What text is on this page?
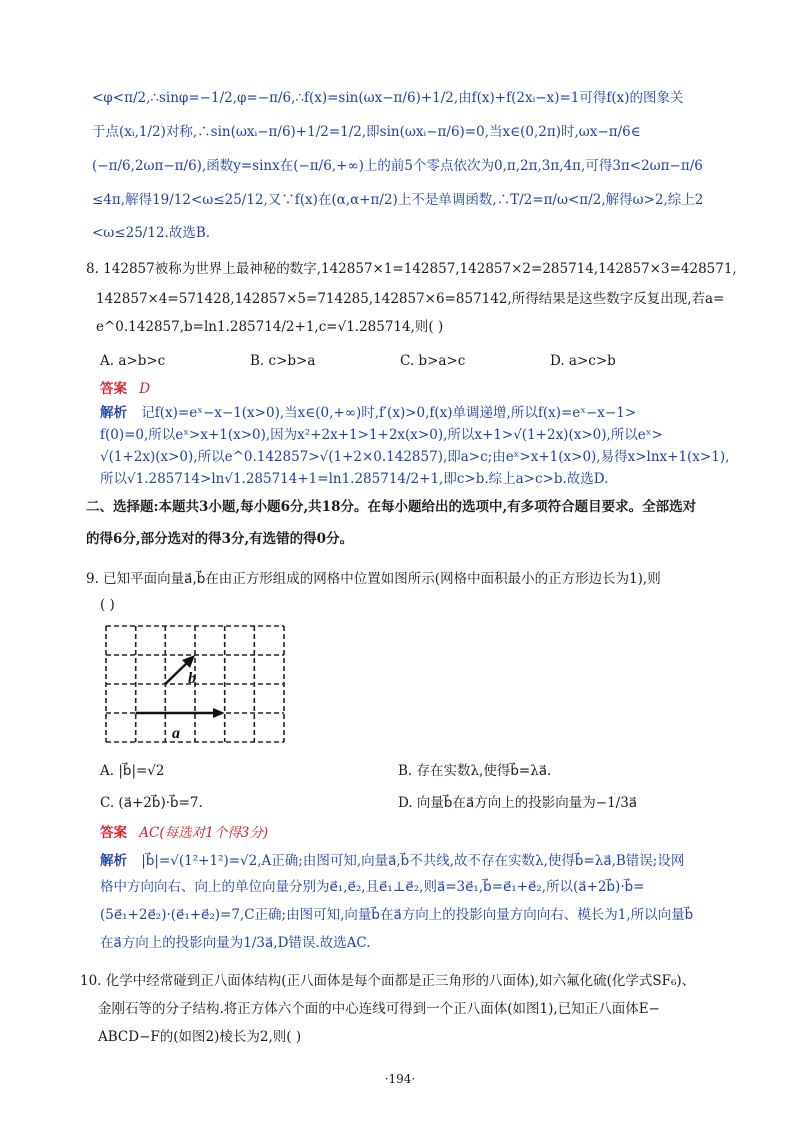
<φ<π/2,∴sinφ=−1/2,φ=−π/6,∴f(x)=sin(ωx−π/6)+1/2,由f(x)+f(2xᵢ−x)=1可得f(x)的图象关
于点(xᵢ,1/2)对称,∴sin(ωxᵢ−π/6)+1/2=1/2,即sin(ωxᵢ−π/6)=0,当x∈(0,2π)时,ωx−π/6∈
(−π/6,2ωπ−π/6),函数y=sinx在(−π/6,+∞)上的前5个零点依次为0,π,2π,3π,4π,可得3π<2ωπ−π/6
≤4π,解得19/12<ω≤25/12,又∵f(x)在(α,α+π/2)上不是单调函数,∴T/2=π/ω<π/2,解得ω>2,综上2
<ω≤25/12.故选B.
8. 142857被称为世界上最神秘的数字,142857×1=142857,142857×2=285714,142857×3=428571,
142857×4=571428,142857×5=714285,142857×6=857142,所得结果是这些数字反复出现,若a=
e^0.142857,b=ln1.285714/2+1,c=√1.285714,则( )
A. a>b>c	B. c>b>a	C. b>a>c	D. a>c>b
答案 D
解析 记f(x)=eˣ−x−1(x>0),当x∈(0,+∞)时,f′(x)>0,f(x)单调递增,所以f(x)=eˣ−x−1>
f(0)=0,所以eˣ>x+1(x>0),因为x²+2x+1>1+2x(x>0),所以x+1>√(1+2x)(x>0),所以eˣ>
√(1+2x)(x>0),所以e^0.142857>√(1+2×0.142857),即a>c;由eˣ>x+1(x>0),易得x>lnx+1(x>1),
所以√1.285714>ln√1.285714+1=ln1.285714/2+1,即c>b.综上a>c>b.故选D.
二、选择题:本题共3小题,每小题6分,共18分。在每小题给出的选项中,有多项符合题目要求。全部选对
的得6分,部分选对的得3分,有选错的得0分。
9. 已知平面向量a⃗,b⃗在由正方形组成的网格中位置如图所示(网格中面积最小的正方形边长为1),则
( )
a
b
A. |b⃗|=√2	B. 存在实数λ,使得b⃗=λa⃗.
C. (a⃗+2b⃗)·b⃗=7.	D. 向量b⃗在a⃗方向上的投影向量为−1/3a⃗
答案 AC(每选对1个得3分)
解析 |b⃗|=√(1²+1²)=√2,A正确;由图可知,向量a⃗,b⃗不共线,故不存在实数λ,使得b⃗=λa⃗,B错误;设网
格中方向向右、向上的单位向量分别为e⃗₁,e⃗₂,且e⃗₁⊥e⃗₂,则a⃗=3e⃗₁,b⃗=e⃗₁+e⃗₂,所以(a⃗+2b⃗)·b⃗=
(5e⃗₁+2e⃗₂)·(e⃗₁+e⃗₂)=7,C正确;由图可知,向量b⃗在a⃗方向上的投影向量方向向右、模长为1,所以向量b⃗
在a⃗方向上的投影向量为1/3a⃗,D错误.故选AC.
10. 化学中经常碰到正八面体结构(正八面体是每个面都是正三角形的八面体),如六氟化硫(化学式SF₆)、
金刚石等的分子结构.将正方体六个面的中心连线可得到一个正八面体(如图1),已知正八面体E−
ABCD−F的(如图2)棱长为2,则( )
·194·
